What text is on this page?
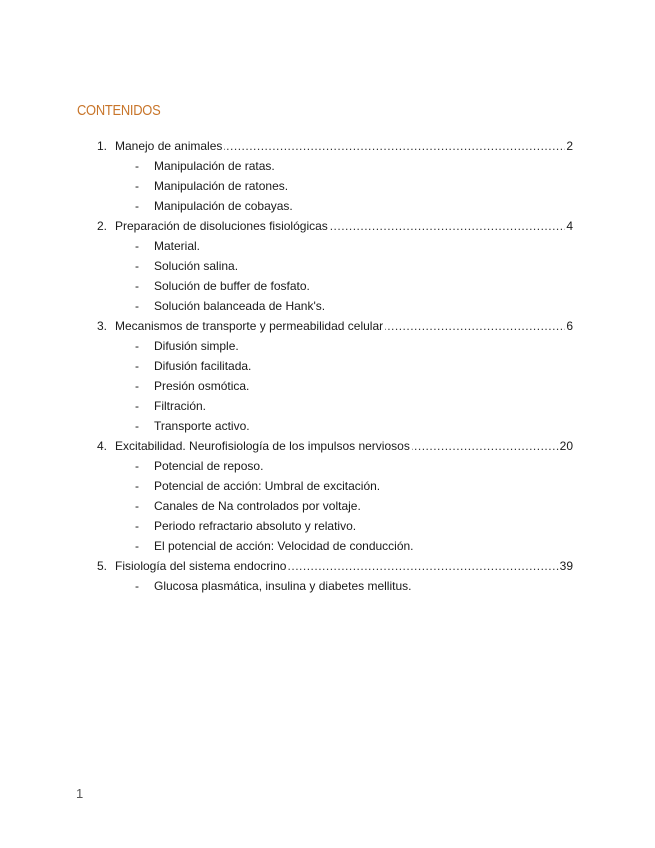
CONTENIDOS
1. ..... Manejo de animales	2
- Manipulación de ratas.
- Manipulación de ratones.
- Manipulación de cobayas.
2. ..... Preparación de disoluciones fisiológicas	4
- Material.
- Solución salina.
- Solución de buffer de fosfato.
- Solución balanceada de Hank's.
3. ..... Mecanismos de transporte y permeabilidad celular	6
- Difusión simple.
- Difusión facilitada.
- Presión osmótica.
- Filtración.
- Transporte activo.
4. ..... Excitabilidad. Neurofisiología de los impulsos nerviosos	20
- Potencial de reposo.
- Potencial de acción: Umbral de excitación.
- Canales de Na controlados por voltaje.
- Periodo refractario absoluto y relativo.
- El potencial de acción: Velocidad de conducción.
5. ..... Fisiología del sistema endocrino	39
- Glucosa plasmática, insulina y diabetes mellitus.
1
